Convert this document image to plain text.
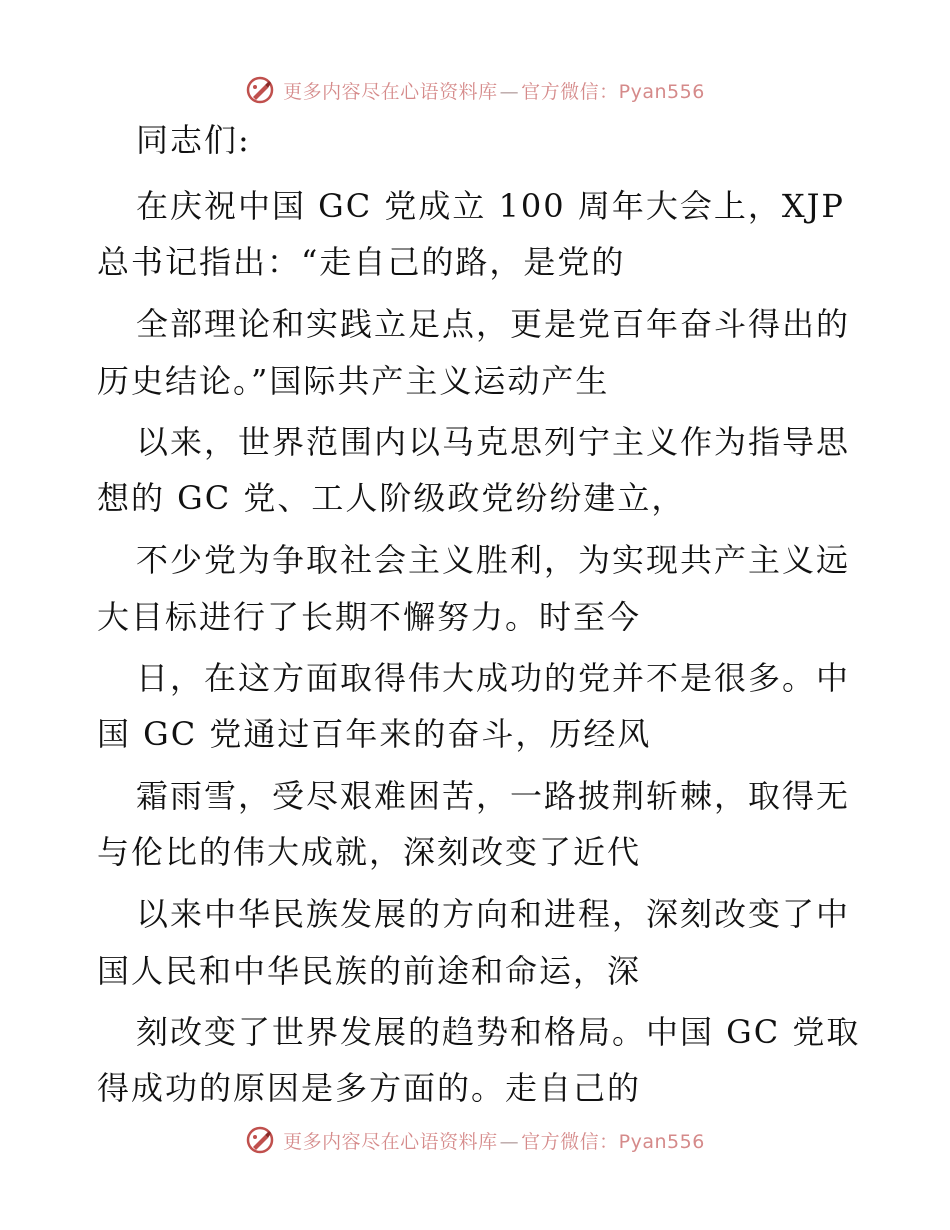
更多内容尽在心语资料库 — 官方微信：Pyan556
同志们:
在庆祝中国 GC 党成立 100 周年大会上，XJP
总书记指出：“走自己的路，是党的
全部理论和实践立足点，更是党百年奋斗得出的
历史结论。”国际共产主义运动产生
以来，世界范围内以马克思列宁主义作为指导思
想的 GC 党、工人阶级政党纷纷建立，
不少党为争取社会主义胜利，为实现共产主义远
大目标进行了长期不懈努力。时至今
日，在这方面取得伟大成功的党并不是很多。中
国 GC 党通过百年来的奋斗，历经风
霜雨雪，受尽艰难困苦，一路披荆斩棘，取得无
与伦比的伟大成就，深刻改变了近代
以来中华民族发展的方向和进程，深刻改变了中
国人民和中华民族的前途和命运，深
刻改变了世界发展的趋势和格局。中国 GC 党取
得成功的原因是多方面的。走自己的
更多内容尽在心语资料库 — 官方微信：Pyan556
